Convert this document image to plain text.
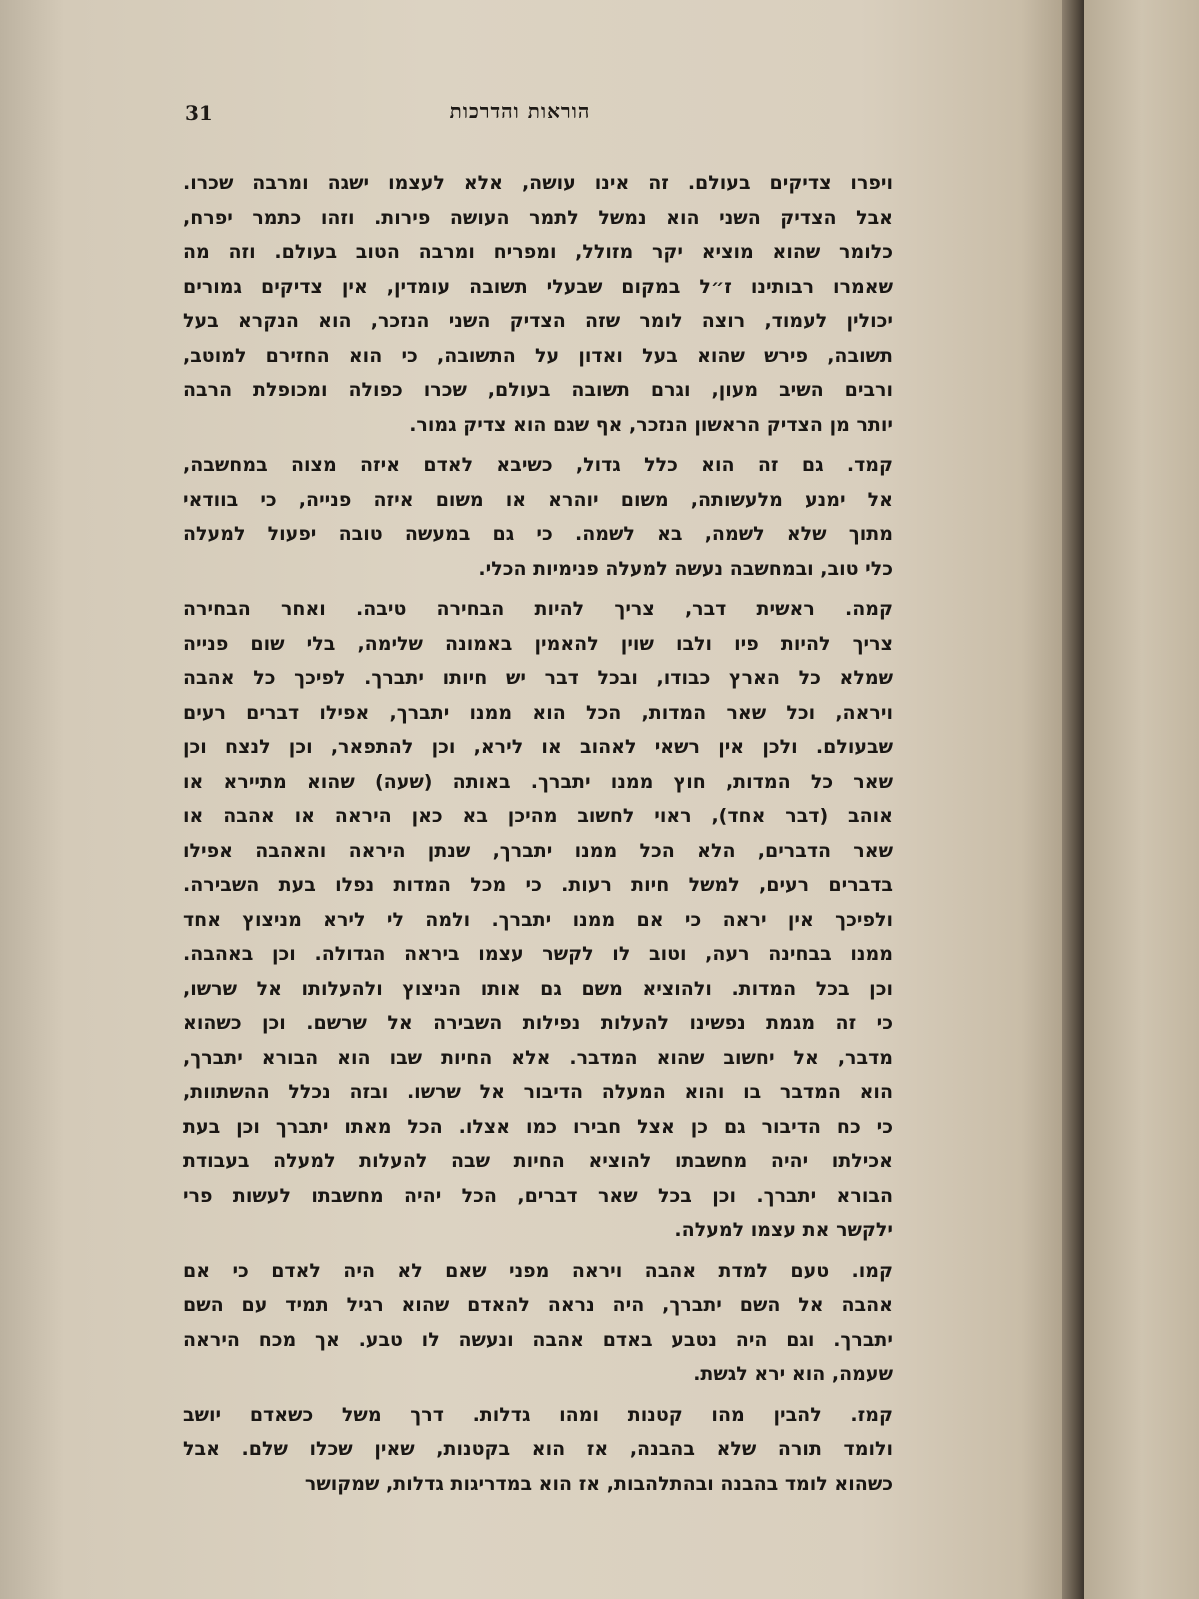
31	הוראות והדרכות
ויפרו צדיקים בעולם. זה אינו עושה, אלא לעצמו ישגה ומרבה שכרו.
אבל הצדיק השני הוא נמשל לתמר העושה פירות. וזהו כתמר יפרח,
כלומר שהוא מוציא יקר מזולל, ומפריח ומרבה הטוב בעולם. וזה מה
שאמרו רבותינו ז״ל במקום שבעלי תשובה עומדין, אין צדיקים גמורים
יכולין לעמוד, רוצה לומר שזה הצדיק השני הנזכר, הוא הנקרא בעל
תשובה, פירש שהוא בעל ואדון על התשובה, כי הוא החזירם למוטב,
ורבים השיב מעון, וגרם תשובה בעולם, שכרו כפולה ומכופלת הרבה
יותר מן הצדיק הראשון הנזכר, אף שגם הוא צדיק גמור.
קמד. גם זה הוא כלל גדול, כשיבא לאדם איזה מצוה במחשבה,
אל ימנע מלעשותה, משום יוהרא או משום איזה פנייה, כי בוודאי
מתוך שלא לשמה, בא לשמה. כי גם במעשה טובה יפעול למעלה
כלי טוב, ובמחשבה נעשה למעלה פנימיות הכלי.
קמה. ראשית דבר, צריך להיות הבחירה טיבה. ואחר הבחירה
צריך להיות פיו ולבו שוין להאמין באמונה שלימה, בלי שום פנייה
שמלא כל הארץ כבודו, ובכל דבר יש חיותו יתברך. לפיכך כל אהבה
ויראה, וכל שאר המדות, הכל הוא ממנו יתברך, אפילו דברים רעים
שבעולם. ולכן אין רשאי לאהוב או לירא, וכן להתפאר, וכן לנצח וכן
שאר כל המדות, חוץ ממנו יתברך. באותה (שעה) שהוא מתיירא או
אוהב (דבר אחד), ראוי לחשוב מהיכן בא כאן היראה או אהבה או
שאר הדברים, הלא הכל ממנו יתברך, שנתן היראה והאהבה אפילו
בדברים רעים, למשל חיות רעות. כי מכל המדות נפלו בעת השבירה.
ולפיכך אין יראה כי אם ממנו יתברך. ולמה לי לירא מניצוץ אחד
ממנו בבחינה רעה, וטוב לו לקשר עצמו ביראה הגדולה. וכן באהבה.
וכן בכל המדות. ולהוציא משם גם אותו הניצוץ ולהעלותו אל שרשו,
כי זה מגמת נפשינו להעלות נפילות השבירה אל שרשם. וכן כשהוא
מדבר, אל יחשוב שהוא המדבר. אלא החיות שבו הוא הבורא יתברך,
הוא המדבר בו והוא המעלה הדיבור אל שרשו. ובזה נכלל ההשתוות,
כי כח הדיבור גם כן אצל חבירו כמו אצלו. הכל מאתו יתברך וכן בעת
אכילתו יהיה מחשבתו להוציא החיות שבה להעלות למעלה בעבודת
הבורא יתברך. וכן בכל שאר דברים, הכל יהיה מחשבתו לעשות פרי
ילקשר את עצמו למעלה.
קמו. טעם למדת אהבה ויראה מפני שאם לא היה לאדם כי אם
אהבה אל השם יתברך, היה נראה להאדם שהוא רגיל תמיד עם השם
יתברך. וגם היה נטבע באדם אהבה ונעשה לו טבע. אך מכח היראה
שעמה, הוא ירא לגשת.
קמז. להבין מהו קטנות ומהו גדלות. דרך משל כשאדם יושב
ולומד תורה שלא בהבנה, אז הוא בקטנות, שאין שכלו שלם. אבל
כשהוא לומד בהבנה ובהתלהבות, אז הוא במדריגות גדלות, שמקושר
